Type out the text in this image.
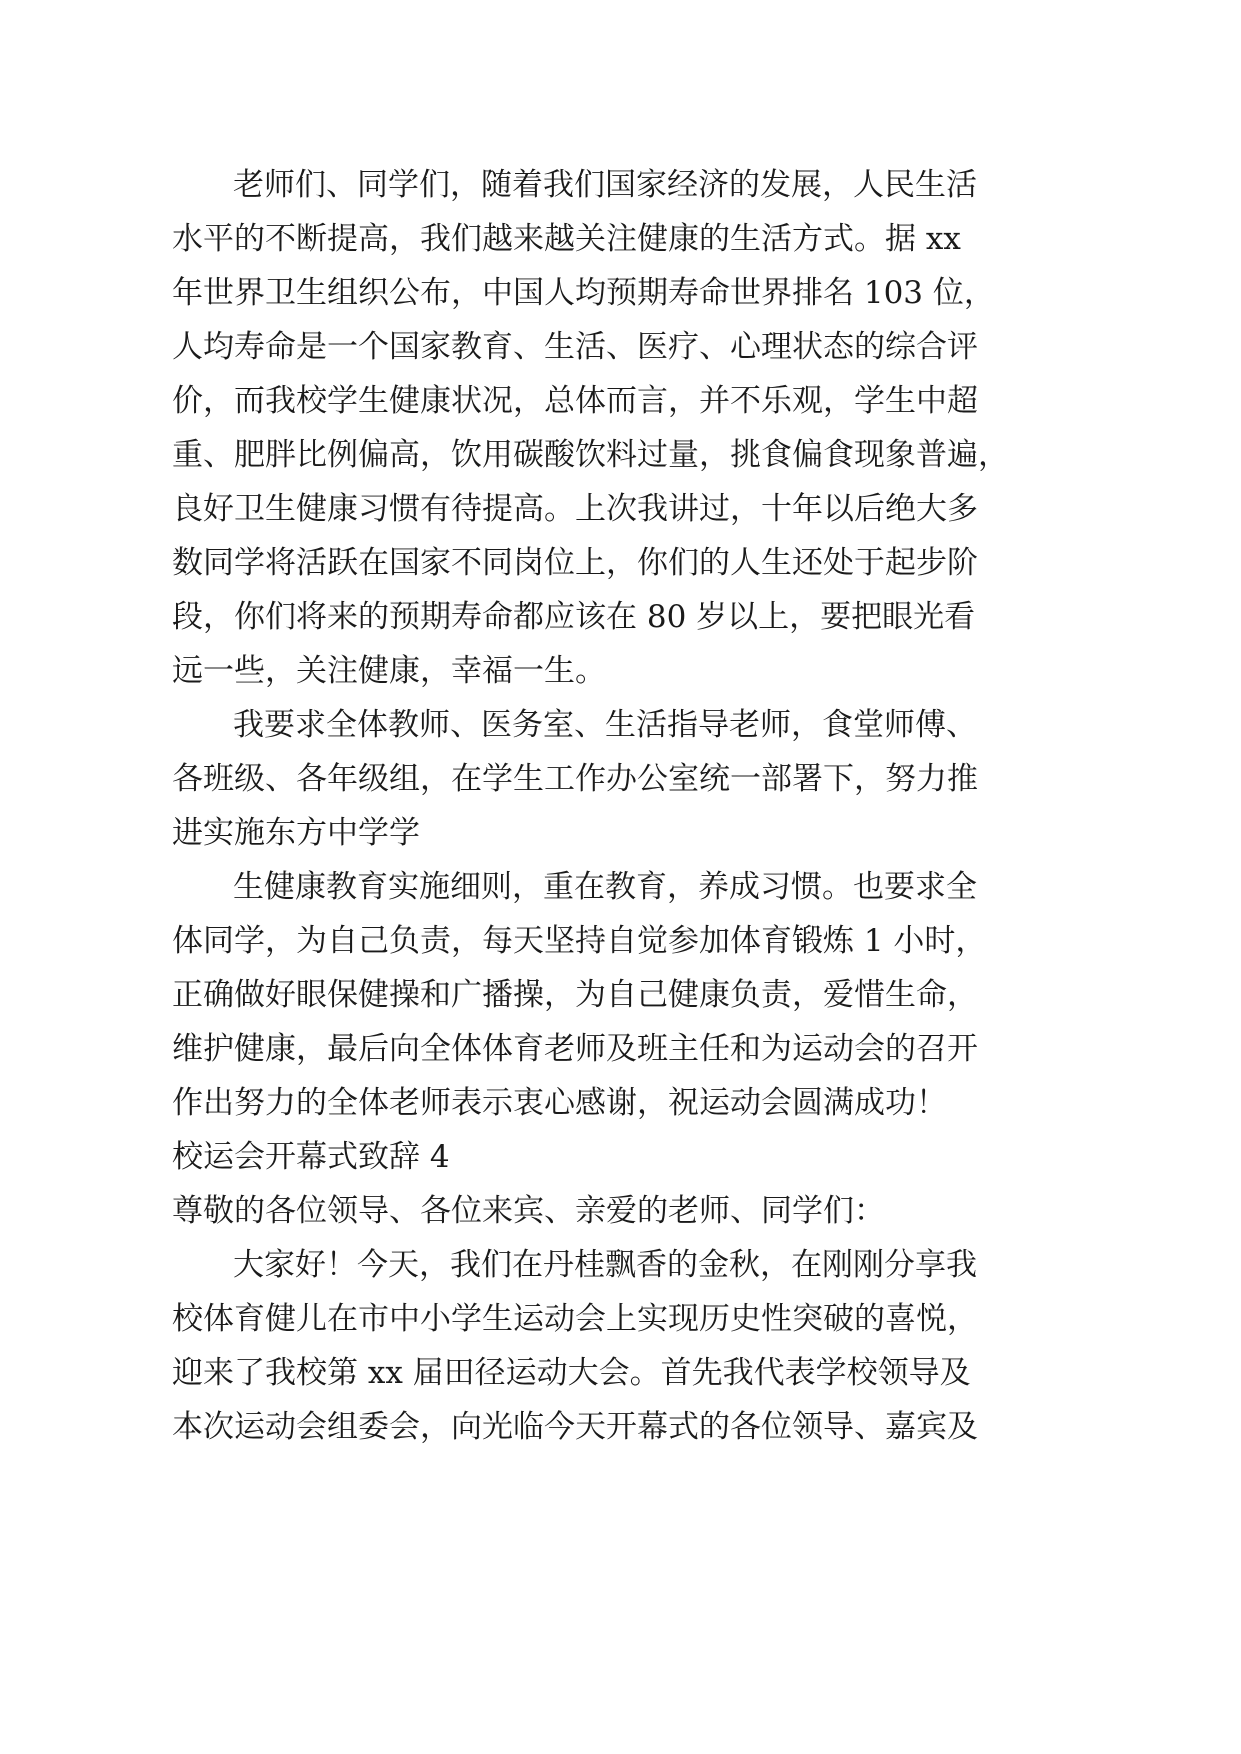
老师们、同学们，随着我们国家经济的发展，人民生活
水平的不断提高，我们越来越关注健康的生活方式。据 xx
年世界卫生组织公布，中国人均预期寿命世界排名 103 位，
人均寿命是一个国家教育、生活、医疗、心理状态的综合评
价，而我校学生健康状况，总体而言，并不乐观，学生中超
重、肥胖比例偏高，饮用碳酸饮料过量，挑食偏食现象普遍，
良好卫生健康习惯有待提高。上次我讲过，十年以后绝大多
数同学将活跃在国家不同岗位上，你们的人生还处于起步阶
段，你们将来的预期寿命都应该在 80 岁以上，要把眼光看
远一些，关注健康，幸福一生。
我要求全体教师、医务室、生活指导老师，食堂师傅、
各班级、各年级组，在学生工作办公室统一部署下，努力推
进实施东方中学学
生健康教育实施细则，重在教育，养成习惯。也要求全
体同学，为自己负责，每天坚持自觉参加体育锻炼 1 小时，
正确做好眼保健操和广播操，为自己健康负责，爱惜生命，
维护健康，最后向全体体育老师及班主任和为运动会的召开
作出努力的全体老师表示衷心感谢，祝运动会圆满成功！
校运会开幕式致辞 4
尊敬的各位领导、各位来宾、亲爱的老师、同学们：
大家好！今天，我们在丹桂飘香的金秋，在刚刚分享我
校体育健儿在市中小学生运动会上实现历史性突破的喜悦，
迎来了我校第 xx 届田径运动大会。首先我代表学校领导及
本次运动会组委会，向光临今天开幕式的各位领导、嘉宾及
